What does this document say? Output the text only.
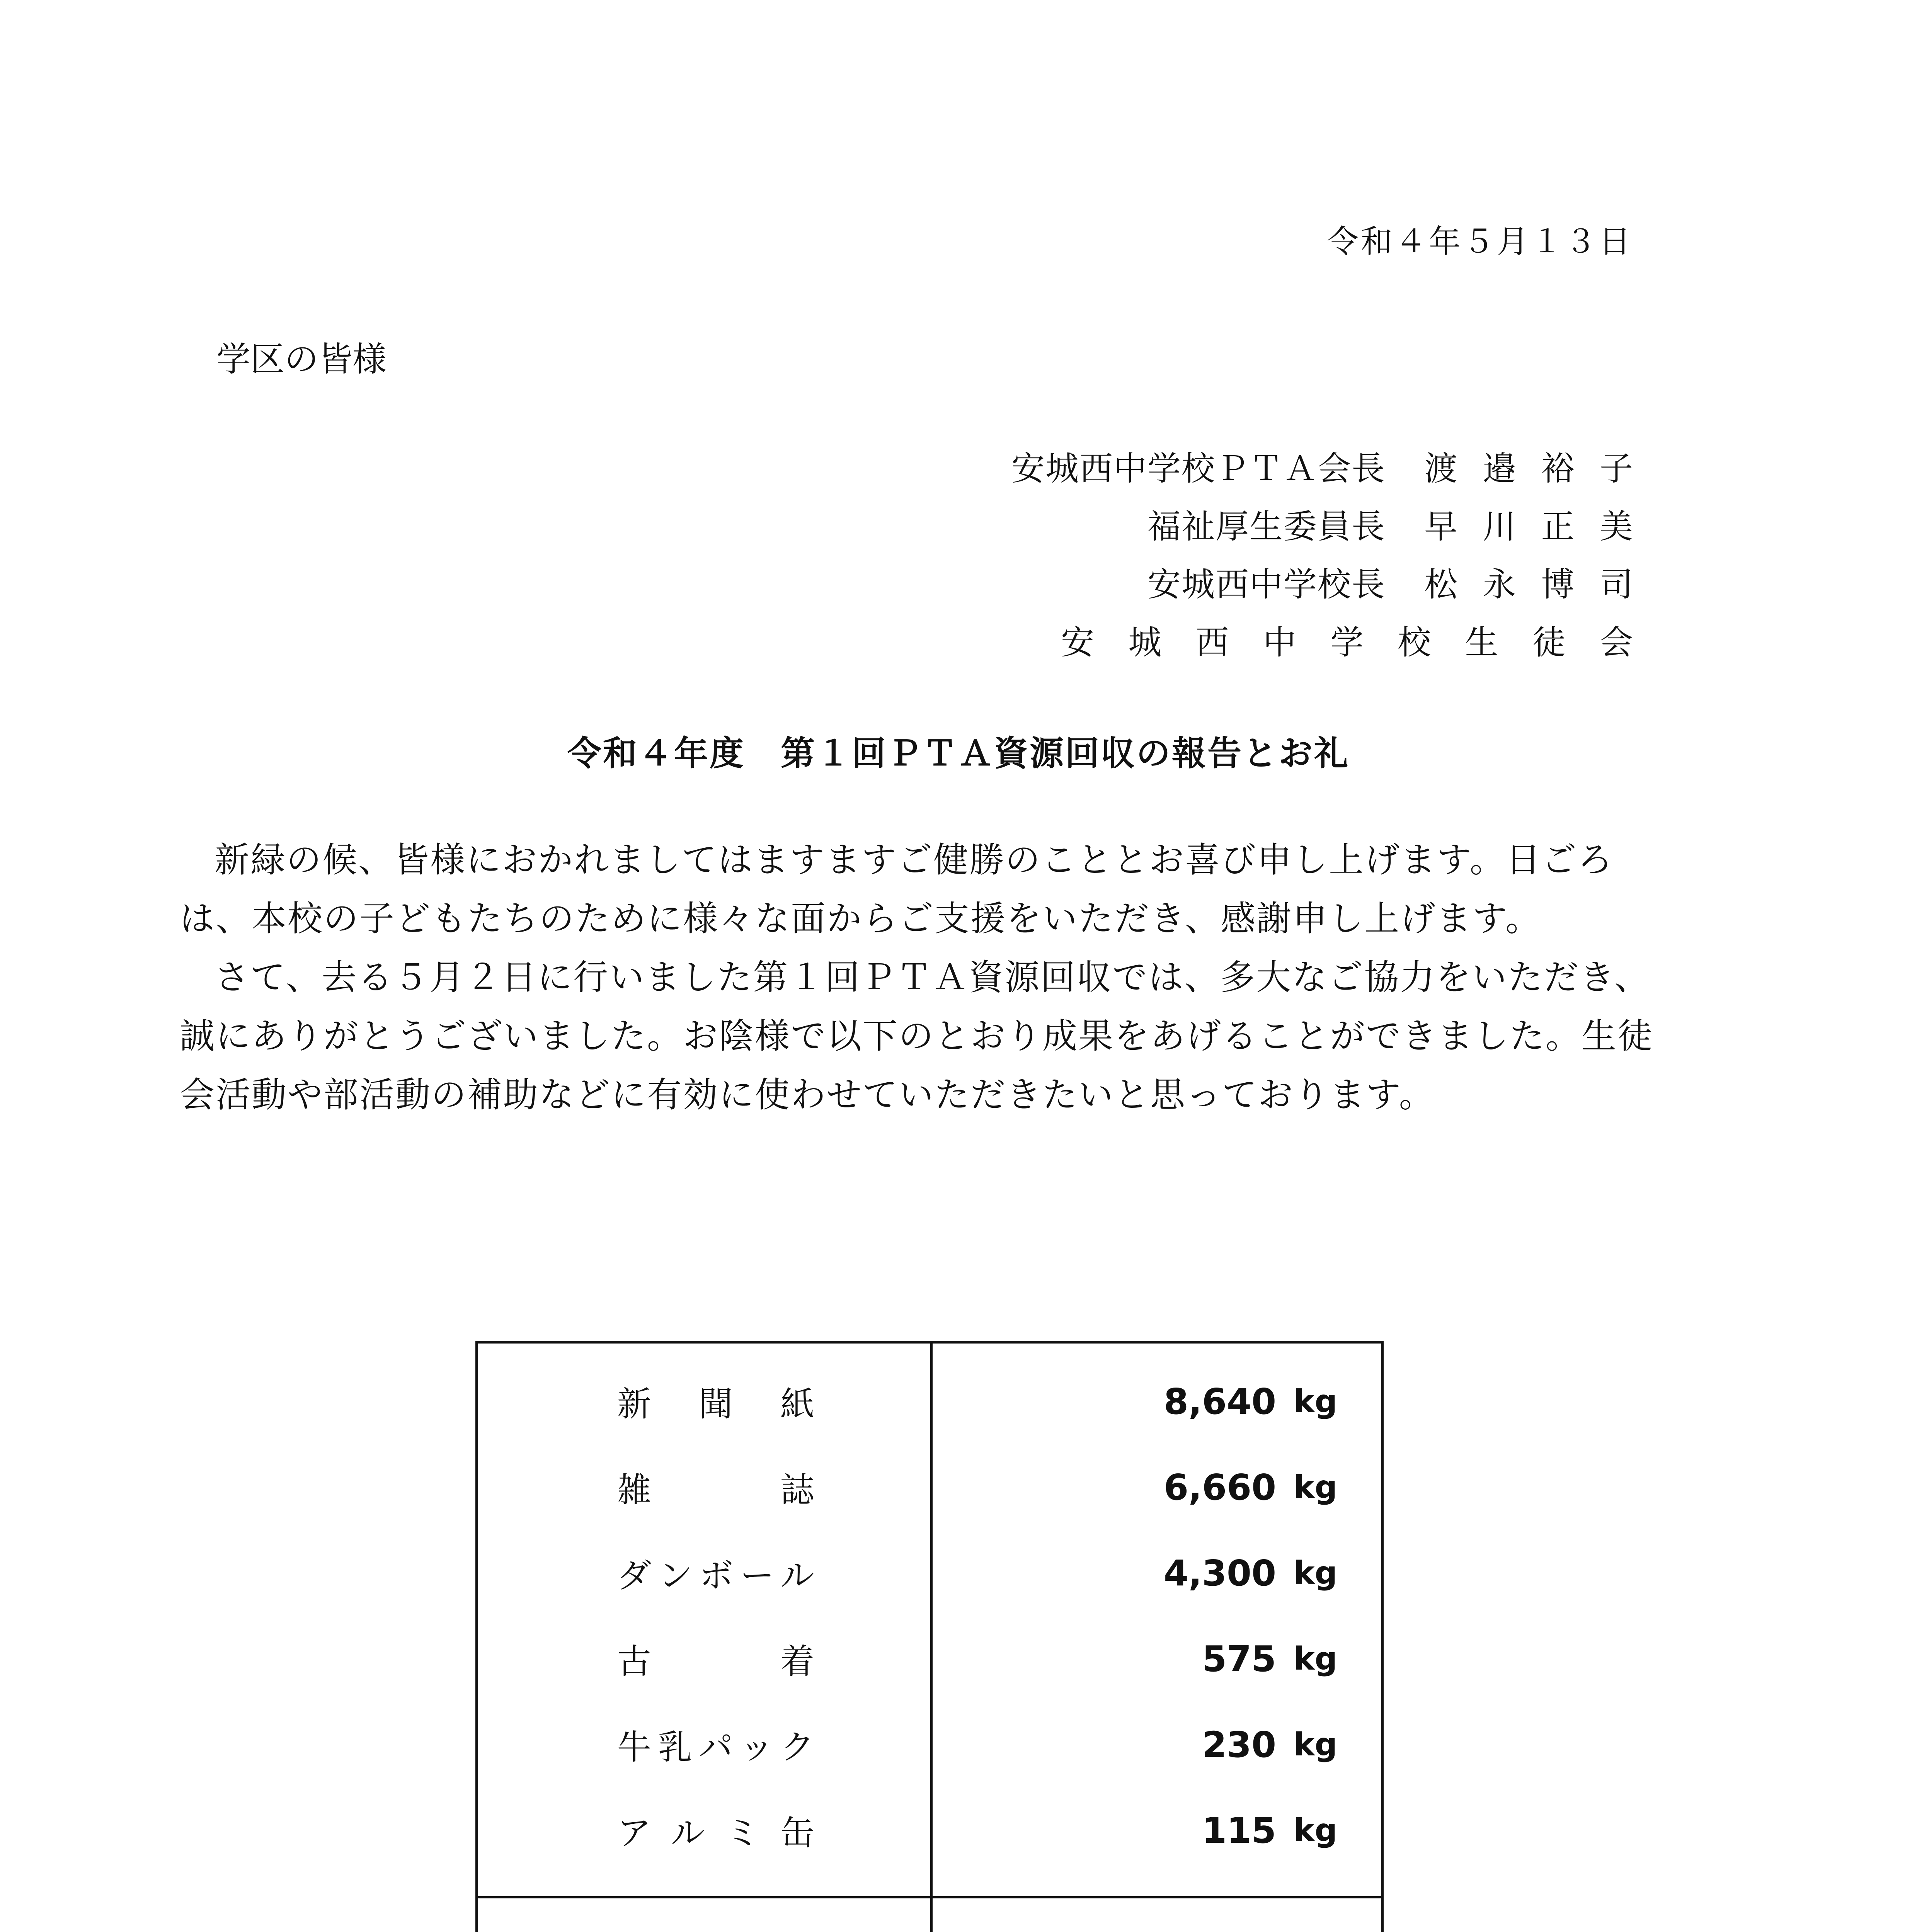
令和４年５月１３日
学区の皆様
安城西中学校ＰＴＡ会長 渡邉裕子
福祉厚生委員長 早川正美
安城西中学校長 松永博司
安城西中学校生徒会
令和４年度　第１回ＰＴＡ資源回収の報告とお礼

新緑の候、皆様におかれましてはますますご健勝のこととお喜び申し上げます。日ごろは、本校の子どもたちのために様々な面からご支援をいただき、感謝申し上げます。

さて、去る５月２日に行いました第１回ＰＴＡ資源回収では、多大なご協力をいただき、誠にありがとうございました。お陰様で以下のとおり成果をあげることができました。生徒会活動や部活動の補助などに有効に使わせていただきたいと思っております。

新聞紙	8,640 kg
雑誌	6,660 kg
ダンボール	4,300 kg
古着	575 kg
牛乳パック	230 kg
アルミ缶	115 kg
